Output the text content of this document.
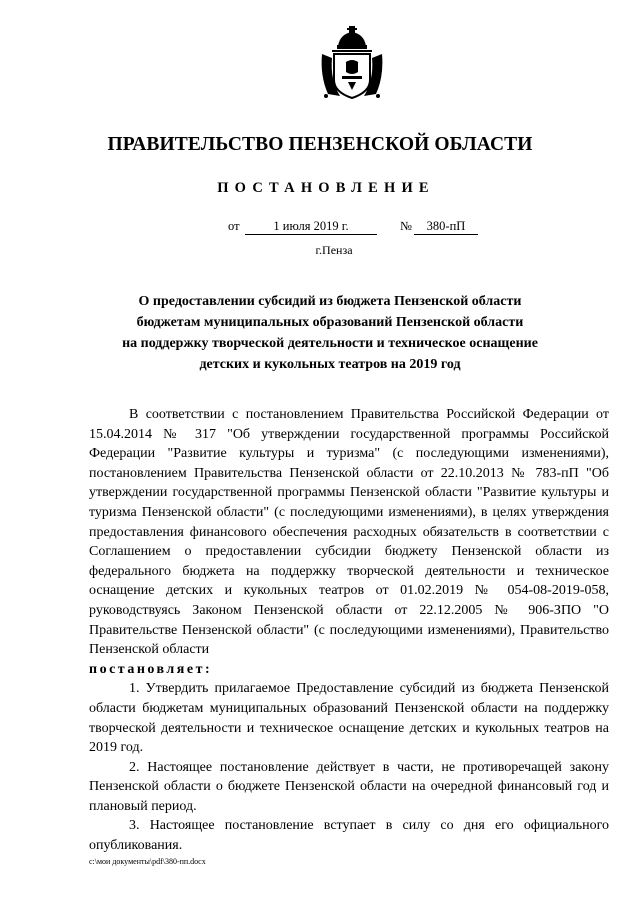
ПРАВИТЕЛЬСТВО ПЕНЗЕНСКОЙ ОБЛАСТИ
ПОСТАНОВЛЕНИЕ
от	1 июля 2019 г.	№	380-пП
г.Пенза
О предоставлении субсидий из бюджета Пензенской области
бюджетам муниципальных образований Пензенской области
на поддержку творческой деятельности и техническое оснащение
детских и кукольных театров на 2019 год

В соответствии с постановлением Правительства Российской Федерации от 15.04.2014 № 317 "Об утверждении государственной программы Российской Федерации "Развитие культуры и туризма" (с последующими изменениями), постановлением Правительства Пензенской области от 22.10.2013 № 783-пП "Об утверждении государственной программы Пензенской области "Развитие культуры и туризма Пензенской области" (с последующими изменениями), в целях утверждения предоставления финансового обеспечения расходных обязательств в соответствии с Соглашением о предоставлении субсидии бюджету Пензенской области из федерального бюджета на поддержку творческой деятельности и техническое оснащение детских и кукольных театров от 01.02.2019 № 054-08-2019-058, руководствуясь Законом Пензенской области от 22.12.2005 № 906-ЗПО "О Правительстве Пензенской области" (с последующими изменениями), Правительство Пензенской области

постановляет:

1. Утвердить прилагаемое Предоставление субсидий из бюджета Пензенской области бюджетам муниципальных образований Пензенской области на поддержку творческой деятельности и техническое оснащение детских и кукольных театров на 2019 год.

2. Настоящее постановление действует в части, не противоречащей закону Пензенской области о бюджете Пензенской области на очередной финансовый год и плановый период.

3. Настоящее постановление вступает в силу со дня его официального опубликования.

c:\мои документы\pdf\380-пп.docx
